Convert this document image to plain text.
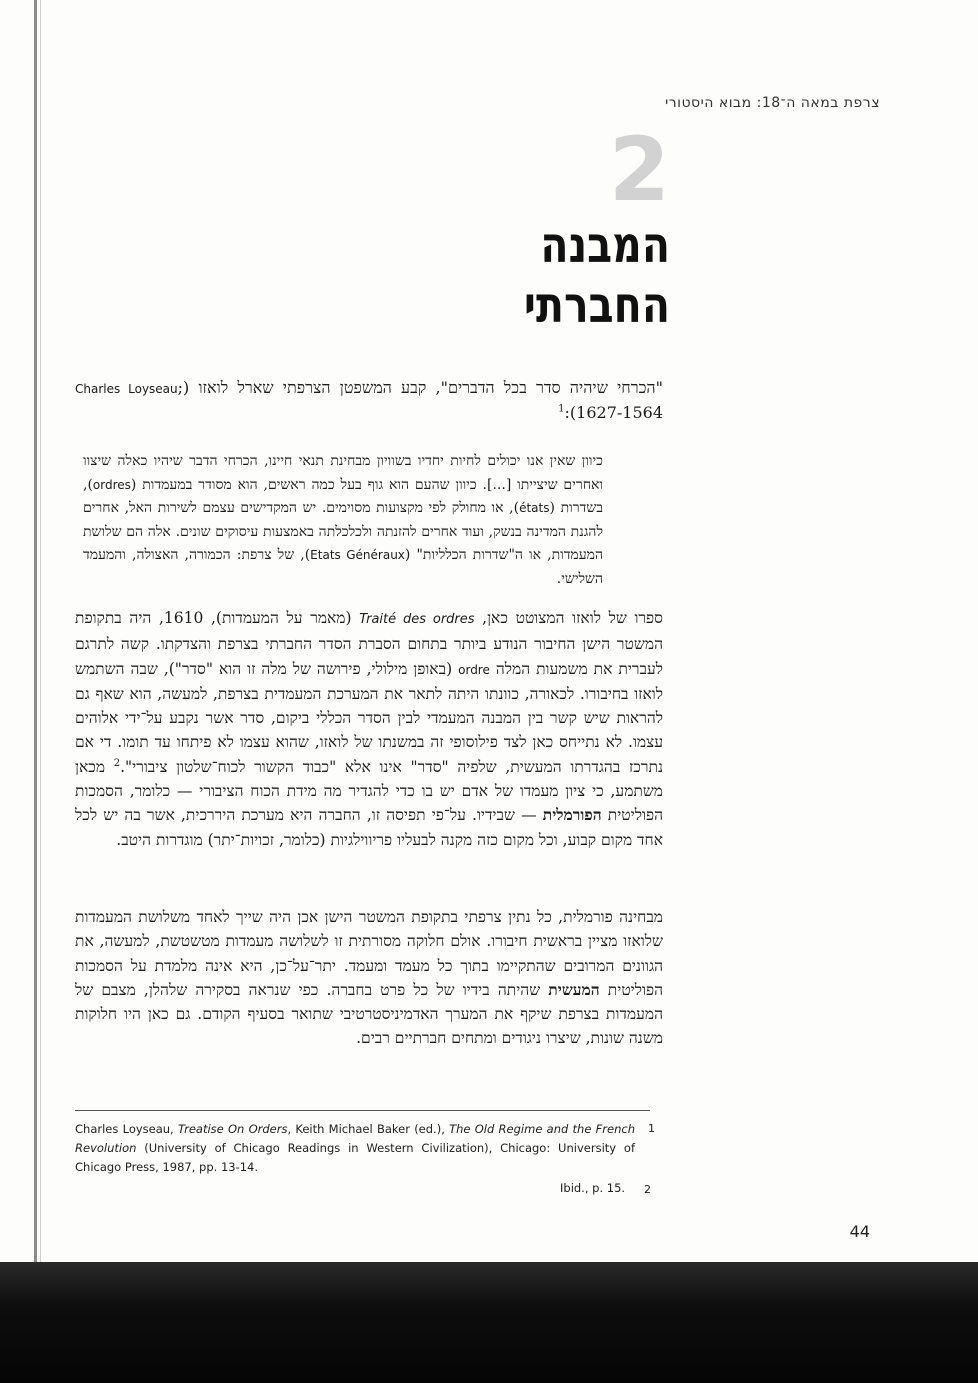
צרפת במאה ה־18: מבוא היסטורי
2
המבנה החברתי
"הכרחי שיהיה סדר בכל הדברים", קבע המשפטן הצרפתי שארל לואזו (Charles Loyseau; 1627-1564):$^1$
כיוון שאין אנו יכולים לחיות יחדיו בשוויון מבחינת תנאי חיינו, הכרחי הדבר שיהיו כאלה שיצוו ואחרים שיצייתו [...]. כיוון שהעם הוא גוף בעל כמה ראשים, הוא מסודר במעמדות (ordres), בשדרות (états), או מחולק לפי מקצועות מסוימים. יש המקדישים עצמם לשירות האל, אחרים להגנת המדינה בנשק, ועוד אחרים להזנתה ולכלכלתה באמצעות עיסוקים שונים. אלה הם שלושת המעמדות, או ה"שדרות הכלליות" (Etats Généraux), של צרפת: הכמורה, האצולה, והמעמד השלישי.
ספרו של לואזו המצוטט כאן, Traité des ordres (מאמר על המעמדות), 1610, היה בתקופת המשטר הישן החיבור הנודע ביותר בתחום הסברת הסדר החברתי בצרפת והצדקתו. קשה לתרגם לעברית את משמעות המלה ordre (באופן מילולי, פירושה של מלה זו הוא "סדר"), שבה השתמש לואזו בחיבורו. לכאורה, כוונתו היתה לתאר את המערכת המעמדית בצרפת, למעשה, הוא שאף גם להראות שיש קשר בין המבנה המעמדי לבין הסדר הכללי ביקום, סדר אשר נקבע על־ידי אלוהים עצמו. לא נתייחס כאן לצד פילוסופי זה במשנתו של לואזו, שהוא עצמו לא פיתחו עד תומו. די אם נתרכז בהגדרתו המעשית, שלפיה "סדר" אינו אלא "כבוד הקשור לכוח־שלטון ציבורי".$^2$ מכאן משתמע, כי ציון מעמדו של אדם יש בו כדי להגדיר מה מידת הכוח הציבורי — כלומר, הסמכות הפוליטית הפורמלית — שבידיו. על־פי תפיסה זו, החברה היא מערכת היררכית, אשר בה יש לכל אחד מקום קבוע, וכל מקום כזה מקנה לבעליו פריווילגיות (כלומר, זכויות־יתר) מוגדרות היטב.
מבחינה פורמלית, כל נתין צרפתי בתקופת המשטר הישן אכן היה שייך לאחד משלושת המעמדות שלואזו מציין בראשית חיבורו. אולם חלוקה מסורתית זו לשלושה מעמדות מטשטשת, למעשה, את הגוונים המרובים שהתקיימו בתוך כל מעמד ומעמד. יתר־על־כן, היא אינה מלמדת על הסמכות הפוליטית המעשית שהיתה בידיו של כל פרט בחברה. כפי שנראה בסקירה שלהלן, מצבם של המעמדות בצרפת שיקף את המערך האדמיניסטרטיבי שתואר בסעיף הקודם. גם כאן היו חלוקות משנה שונות, שיצרו ניגודים ומתחים חברתיים רבים.
Charles Loyseau, Treatise On Orders, Keith Michael Baker (ed.), The Old Regime and the French Revolution (University of Chicago Readings in Western Civilization), Chicago: University of Chicago Press, 1987, pp. 13-14.
1
Ibid., p. 15. 2
44
